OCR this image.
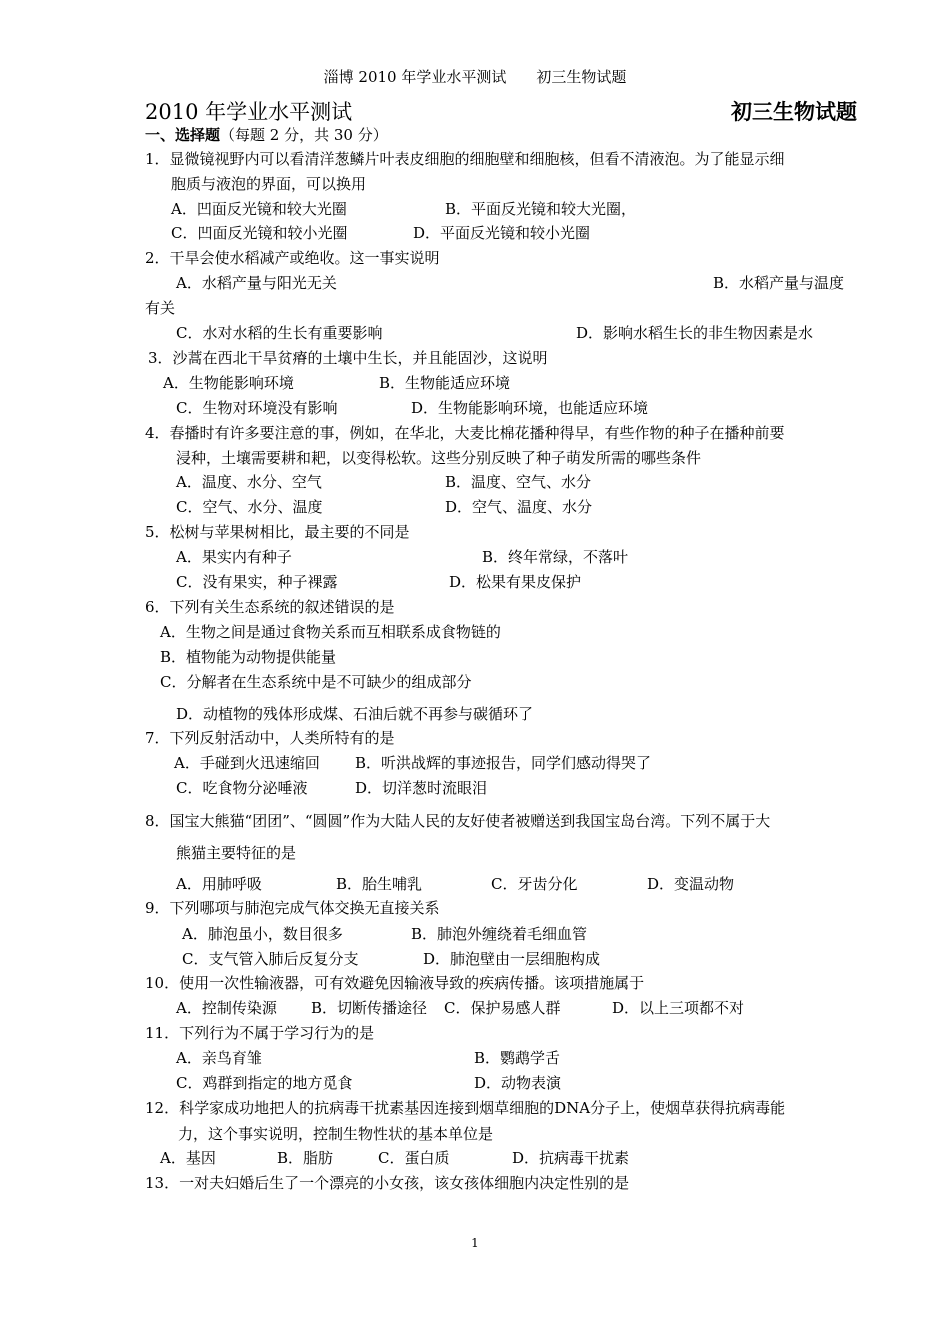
淄博 2010 年学业水平测试　　初三生物试题
2010 年学业水平测试	初三生物试题
一、选择题（每题 2 分，共 30 分）
1．显微镜视野内可以看清洋葱鳞片叶表皮细胞的细胞壁和细胞核，但看不清液泡。为了能显示细
胞质与液泡的界面，可以换用
A．凹面反光镜和较大光圈	B．平面反光镜和较大光圈，
C．凹面反光镜和较小光圈	D．平面反光镜和较小光圈
2．干旱会使水稻减产或绝收。这一事实说明
A．水稻产量与阳光无关	B．水稻产量与温度
有关
C．水对水稻的生长有重要影响	D．影响水稻生长的非生物因素是水
3．沙蒿在西北干旱贫瘠的土壤中生长，并且能固沙，这说明
A．生物能影响环境	B．生物能适应环境
C．生物对环境没有影响	D．生物能影响环境，也能适应环境
4．春播时有许多要注意的事，例如，在华北，大麦比棉花播种得早，有些作物的种子在播种前要
浸种，土壤需要耕和耙，以变得松软。这些分别反映了种子萌发所需的哪些条件
A．温度、水分、空气	B．温度、空气、水分
C．空气、水分、温度	D．空气、温度、水分
5．松树与苹果树相比，最主要的不同是
A．果实内有种子	B．终年常绿，不落叶
C．没有果实，种子裸露	D．松果有果皮保护
6．下列有关生态系统的叙述错误的是
A．生物之间是通过食物关系而互相联系成食物链的
B．植物能为动物提供能量
C．分解者在生态系统中是不可缺少的组成部分
D．动植物的残体形成煤、石油后就不再参与碳循环了
7．下列反射活动中，人类所特有的是
A．手碰到火迅速缩回 B．听洪战辉的事迹报告，同学们感动得哭了
C．吃食物分泌唾液	D．切洋葱时流眼泪
8．国宝大熊猫“团团”、“圆圆”作为大陆人民的友好使者被赠送到我国宝岛台湾。下列不属于大
熊猫主要特征的是
A．用肺呼吸	B．胎生哺乳	C．牙齿分化	D．变温动物
9．下列哪项与肺泡完成气体交换无直接关系
A．肺泡虽小，数目很多	B．肺泡外缠绕着毛细血管
C．支气管入肺后反复分支	D．肺泡壁由一层细胞构成
10．使用一次性输液器，可有效避免因输液导致的疾病传播。该项措施属于
A．控制传染源 B．切断传播途径 C．保护易感人群	D．以上三项都不对
11．下列行为不属于学习行为的是
A．亲鸟育雏	B．鹦鹉学舌
C．鸡群到指定的地方觅食	D．动物表演
12．科学家成功地把人的抗病毒干扰素基因连接到烟草细胞的DNA分子上，使烟草获得抗病毒能
力，这个事实说明，控制生物性状的基本单位是
A．基因	B．脂肪	C．蛋白质	D．抗病毒干扰素
13．一对夫妇婚后生了一个漂亮的小女孩，该女孩体细胞内决定性别的是
1
